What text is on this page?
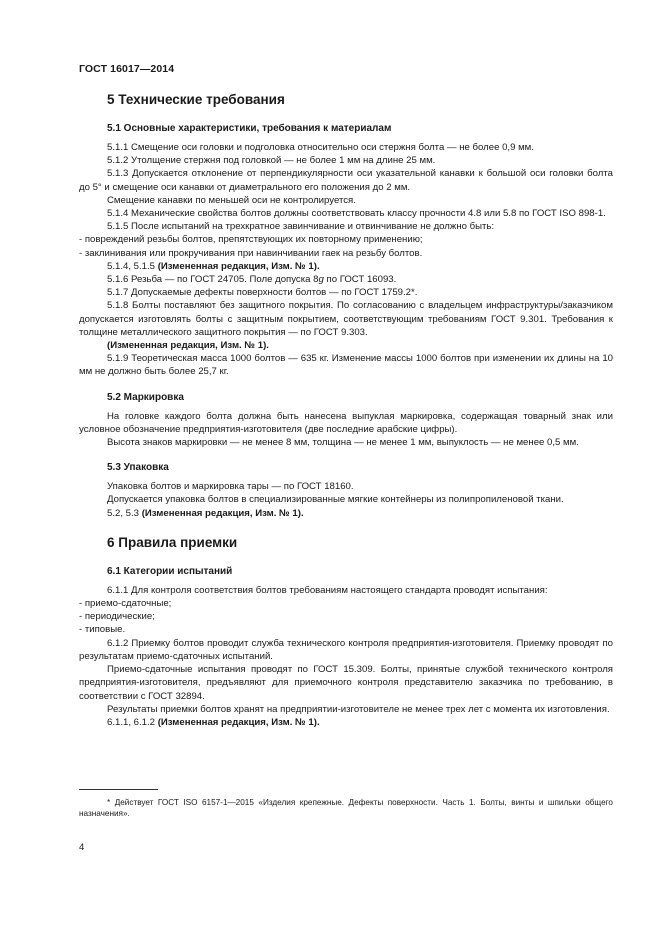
ГОСТ 16017—2014
5 Технические требования
5.1 Основные характеристики, требования к материалам

5.1.1 Смещение оси головки и подголовка относительно оси стержня болта — не более 0,9 мм.

5.1.2 Утолщение стержня под головкой — не более 1 мм на длине 25 мм.

5.1.3 Допускается отклонение от перпендикулярности оси указательной канавки к большой оси головки болта до 5° и смещение оси канавки от диаметрального его положения до 2 мм.

Смещение канавки по меньшей оси не контролируется.

5.1.4 Механические свойства болтов должны соответствовать классу прочности 4.8 или 5.8 по ГОСТ ISO 898-1.

5.1.5 После испытаний на трехкратное завинчивание и отвинчивание не должно быть:

- повреждений резьбы болтов, препятствующих их повторному применению;

- заклинивания или прокручивания при навинчивании гаек на резьбу болтов.

5.1.4, 5.1.5 (Измененная редакция, Изм. № 1).

5.1.6 Резьба — по ГОСТ 24705. Поле допуска 8g по ГОСТ 16093.

5.1.7 Допускаемые дефекты поверхности болтов — по ГОСТ 1759.2*.

5.1.8 Болты поставляют без защитного покрытия. По согласованию с владельцем инфраструктуры/заказчиком допускается изготовлять болты с защитным покрытием, соответствующим требованиям ГОСТ 9.301. Требования к толщине металлического защитного покрытия — по ГОСТ 9.303.

(Измененная редакция, Изм. № 1).

5.1.9 Теоретическая масса 1000 болтов — 635 кг. Изменение массы 1000 болтов при изменении их длины на 10 мм не должно быть более 25,7 кг.

5.2 Маркировка

На головке каждого болта должна быть нанесена выпуклая маркировка, содержащая товарный знак или условное обозначение предприятия-изготовителя (две последние арабские цифры).

Высота знаков маркировки — не менее 8 мм, толщина — не менее 1 мм, выпуклость — не менее 0,5 мм.

5.3 Упаковка

Упаковка болтов и маркировка тары — по ГОСТ 18160.

Допускается упаковка болтов в специализированные мягкие контейнеры из полипропиленовой ткани.

5.2, 5.3 (Измененная редакция, Изм. № 1).

6 Правила приемки
6.1 Категории испытаний

6.1.1 Для контроля соответствия болтов требованиям настоящего стандарта проводят испытания:

- приемо-сдаточные;

- периодические;

- типовые.

6.1.2 Приемку болтов проводит служба технического контроля предприятия-изготовителя. Приемку проводят по результатам приемо-сдаточных испытаний.

Приемо-сдаточные испытания проводят по ГОСТ 15.309. Болты, принятые службой технического контроля предприятия-изготовителя, предъявляют для приемочного контроля представителю заказчика по требованию, в соответствии с ГОСТ 32894.

Результаты приемки болтов хранят на предприятии-изготовителе не менее трех лет с момента их изготовления.

6.1.1, 6.1.2 (Измененная редакция, Изм. № 1).

* Действует ГОСТ ISO 6157-1—2015 «Изделия крепежные. Дефекты поверхности. Часть 1. Болты, винты и шпильки общего назначения».
4
